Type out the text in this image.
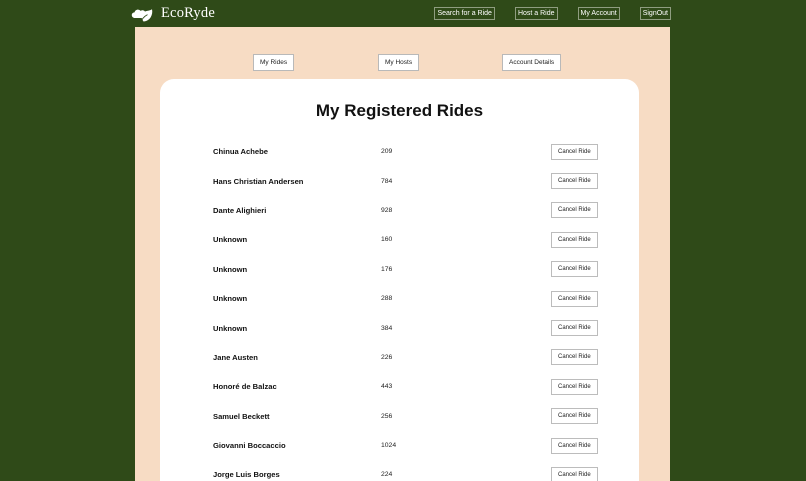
EcoRyde	Search for a Ride	Host a Ride	My Account	SignOut
My Rides	My Hosts	Account Details
My Registered Rides
Chinua Achebe	209	Cancel Ride
Hans Christian Andersen	784	Cancel Ride
Dante Alighieri	928	Cancel Ride
Unknown	160	Cancel Ride
Unknown	176	Cancel Ride
Unknown	288	Cancel Ride
Unknown	384	Cancel Ride
Jane Austen	226	Cancel Ride
Honoré de Balzac	443	Cancel Ride
Samuel Beckett	256	Cancel Ride
Giovanni Boccaccio	1024	Cancel Ride
Jorge Luis Borges	224	Cancel Ride
